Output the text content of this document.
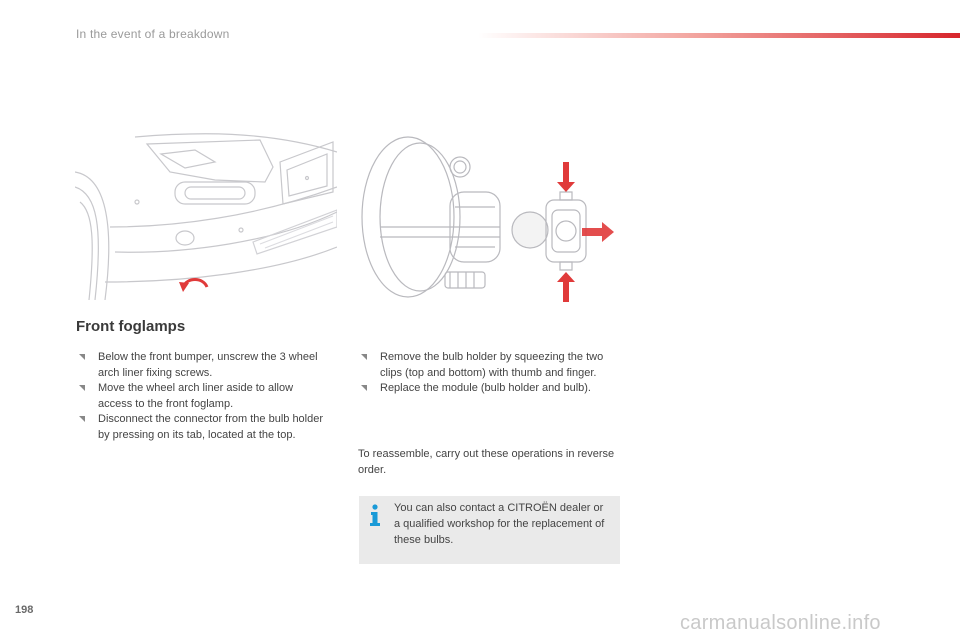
In the event of a breakdown
Front foglamps
Below the front bumper, unscrew the 3 wheel arch liner fixing screws.
Move the wheel arch liner aside to allow access to the front foglamp.
Disconnect the connector from the bulb holder by pressing on its tab, located at the top.
Remove the bulb holder by squeezing the two clips (top and bottom) with thumb and finger.
Replace the module (bulb holder and bulb).
To reassemble, carry out these operations in reverse order.
You can also contact a CITROËN dealer or a qualified workshop for the replacement of these bulbs.
198
carmanualsonline.info
